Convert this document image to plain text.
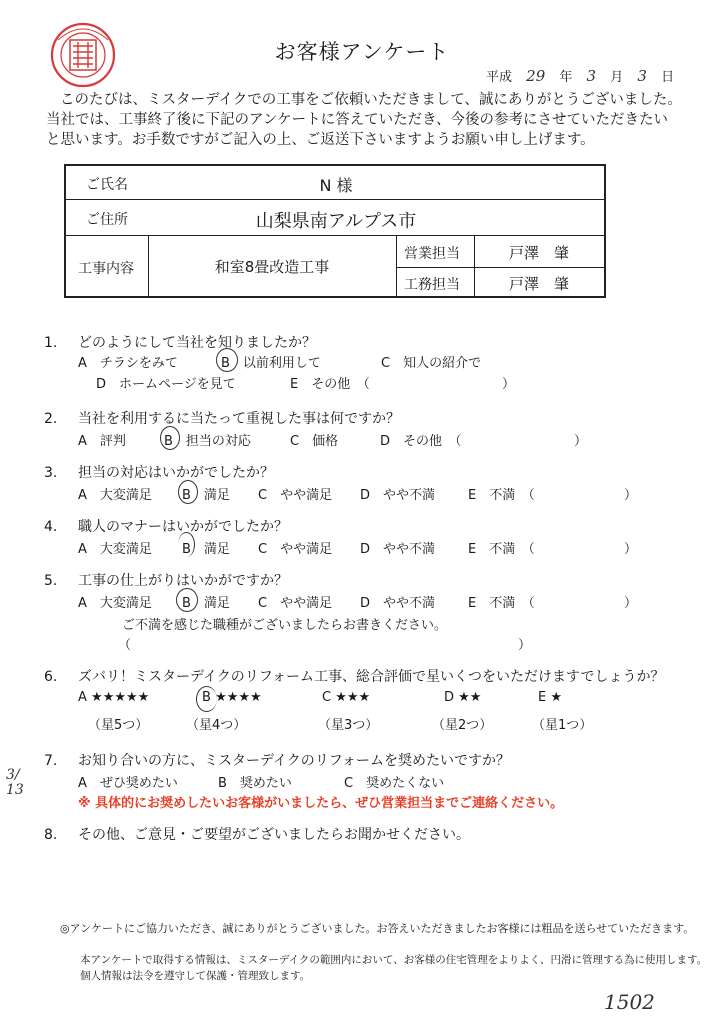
お客様アンケート
平成 29 年 3 月 3 日
このたびは、ミスターデイクでの工事をご依頼いただきまして、誠にありがとうございました。
当社では、工事終了後に下記のアンケートに答えていただき、今後の参考にさせていただきたい
と思います。お手数ですがご記入の上、ご返送下さいますようお願い申し上げます。
ご氏名	N 様
ご住所	山梨県南アルプス市
工事内容	和室8畳改造工事
営業担当	戸澤　肇
工務担当	戸澤　肇
1. どのようにして当社を知りましたか？
A　チラシをみて	B　以前利用して	C　知人の紹介で
D　ホームページを見て	E　その他　（	）
2. 当社を利用するに当たって重視した事は何ですか？
A　評判	B　担当の対応	C　価格	D　その他　（	）
3. 担当の対応はいかがでしたか？
A　大変満足 B　満足 C　やや満足 D　やや不満	E　不満　（	）
4. 職人のマナーはいかがでしたか？
A　大変満足 B　満足 C　やや満足 D　やや不満	E　不満　（	）
5. 工事の仕上がりはいかがですか？
A　大変満足 B　満足 C　やや満足 D　やや不満	E　不満　（	）
ご不満を感じた職種がございましたらお書きください。
（	）
6. ズバリ！ミスターデイクのリフォーム工事、総合評価で星いくつをいただけますでしょうか？
A ★★★★★
（星5つ）
B ★★★★
（星4つ）
C ★★★
（星3つ）
D ★★
（星2つ）
E ★
（星1つ）
7. お知り合いの方に、ミスターデイクのリフォームを奨めたいですか？
A　ぜひ奨めたい	B　奨めたい	C　奨めたくない
※ 具体的にお奨めしたいお客様がいましたら、ぜひ営業担当までご連絡ください。
8. その他、ご意見・ご要望がございましたらお聞かせください。
3/
13
◎アンケートにご協力いただき、誠にありがとうございました。お答えいただきましたお客様には粗品を送らせていただきます。
本アンケートで取得する情報は、ミスターデイクの範囲内において、お客様の住宅管理をよりよく、円滑に管理する為に使用します。
個人情報は法令を遵守して保護・管理致します。
1502
